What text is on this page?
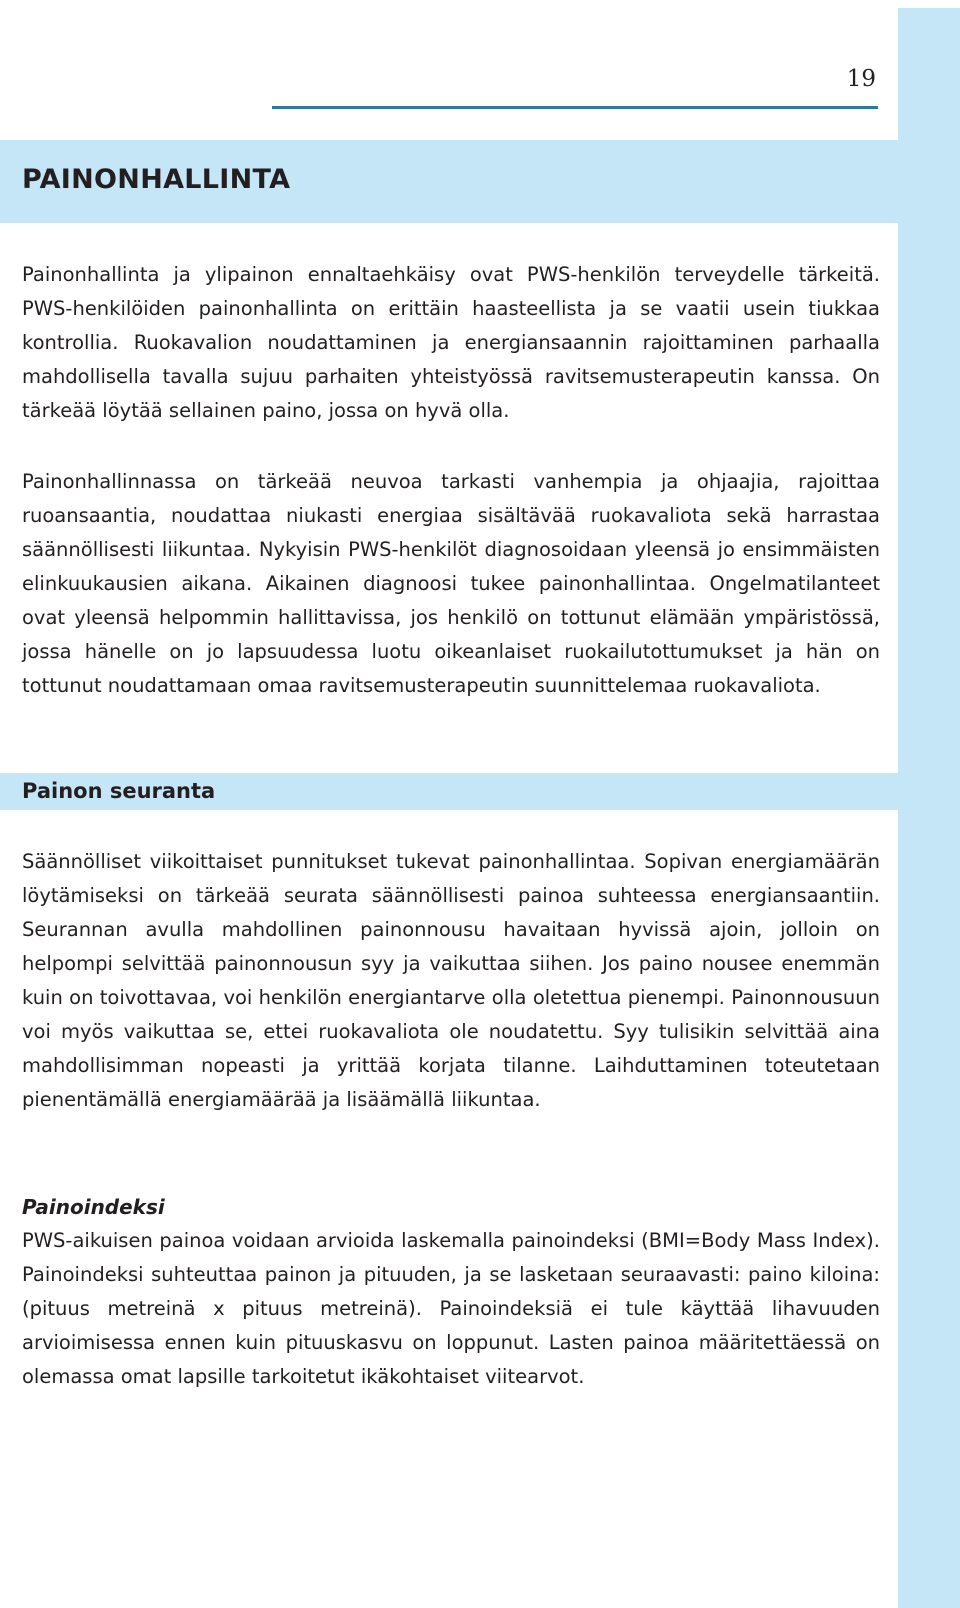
19
PAINONHALLINTA

Painonhallinta ja ylipainon ennaltaehkäisy ovat PWS-henkilön terveydelle tärkeitä. PWS-henkilöiden painonhallinta on erittäin haasteellista ja se vaatii usein tiukkaa kontrollia. Ruokavalion noudattaminen ja energiansaannin rajoittaminen parhaalla mahdollisella tavalla sujuu parhaiten yhteistyössä ravitsemusterapeutin kanssa. On tärkeää löytää sellainen paino, jossa on hyvä olla.

Painonhallinnassa on tärkeää neuvoa tarkasti vanhempia ja ohjaajia, rajoittaa ruoansaantia, noudattaa niukasti energiaa sisältävää ruokavaliota sekä harrastaa säännöllisesti liikuntaa. Nykyisin PWS-henkilöt diagnosoidaan yleensä jo ensimmäisten elinkuukausien aikana. Aikainen diagnoosi tukee painonhallintaa. Ongelmatilanteet ovat yleensä helpommin hallittavissa, jos henkilö on tottunut elämään ympäristössä, jossa hänelle on jo lapsuudessa luotu oikeanlaiset ruokailutottumukset ja hän on tottunut noudattamaan omaa ravitsemusterapeutin suunnittelemaa ruokavaliota.

Painon seuranta

Säännölliset viikoittaiset punnitukset tukevat painonhallintaa. Sopivan energiamäärän löytämiseksi on tärkeää seurata säännöllisesti painoa suhteessa energiansaantiin. Seurannan avulla mahdollinen painonnousu havaitaan hyvissä ajoin, jolloin on helpompi selvittää painonnousun syy ja vaikuttaa siihen. Jos paino nousee enemmän kuin on toivottavaa, voi henkilön energiantarve olla oletettua pienempi. Painonnousuun voi myös vaikuttaa se, ettei ruokavaliota ole noudatettu. Syy tulisikin selvittää aina mahdollisimman nopeasti ja yrittää korjata tilanne. Laihduttaminen toteutetaan pienentämällä energiamäärää ja lisäämällä liikuntaa.

Painoindeksi

PWS-aikuisen painoa voidaan arvioida laskemalla painoindeksi (BMI=Body Mass Index). Painoindeksi suhteuttaa painon ja pituuden, ja se lasketaan seuraavasti: paino kiloina: (pituus metreinä x pituus metreinä). Painoindeksiä ei tule käyttää lihavuuden arvioimisessa ennen kuin pituuskasvu on loppunut. Lasten painoa määritettäessä on olemassa omat lapsille tarkoitetut ikäkohtaiset viitearvot.
